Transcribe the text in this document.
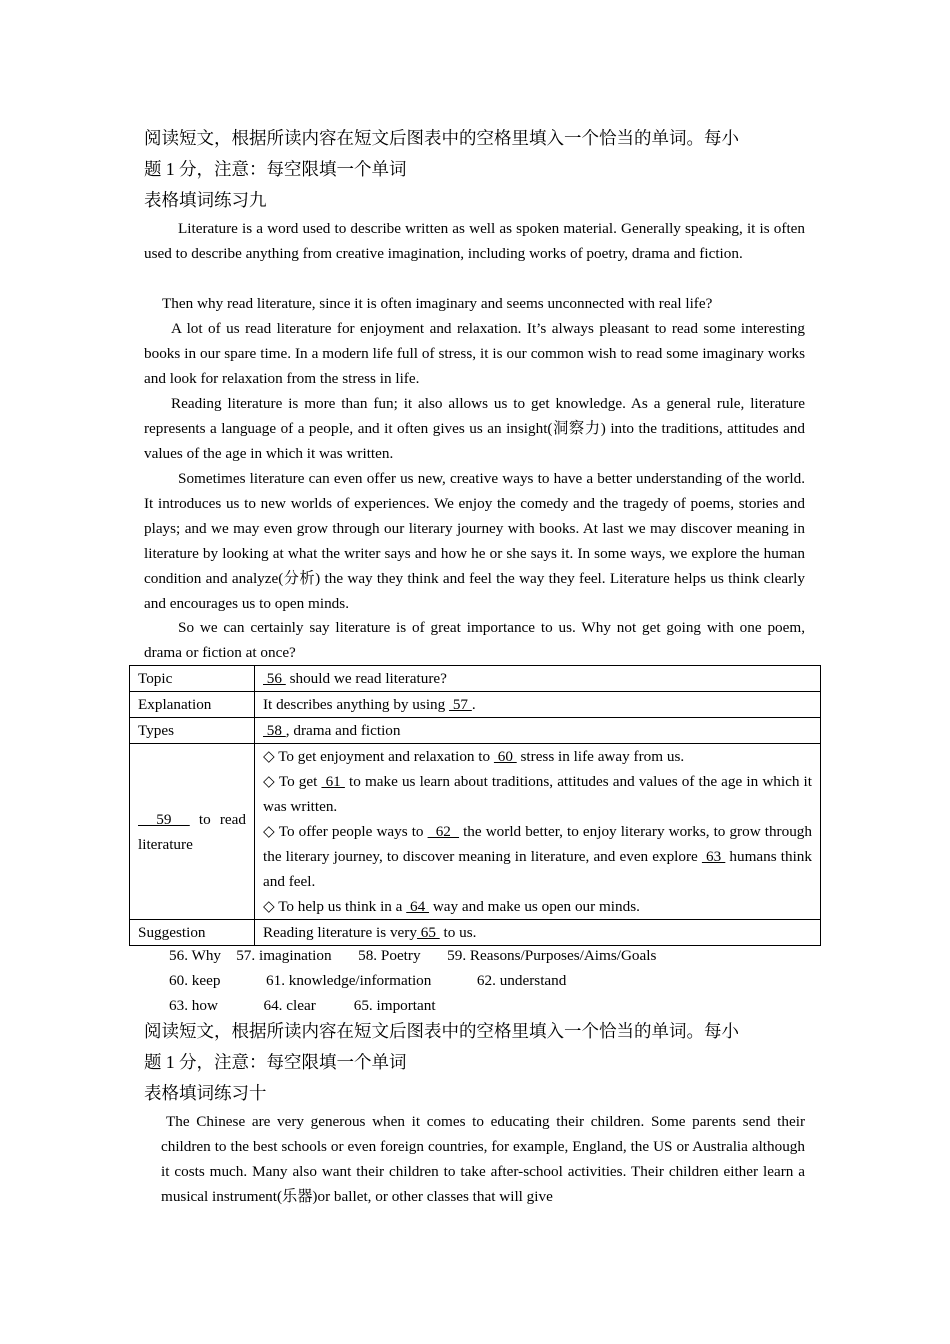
阅读短文，根据所读内容在短文后图表中的空格里填入一个恰当的单词。每小
题 1 分，注意：每空限填一个单词
表格填词练习九
Literature is a word used to describe written as well as spoken material. Generally speaking, it is often used to describe anything from creative imagination, including works of poetry, drama and fiction.
Then why read literature, since it is often imaginary and seems unconnected with real life?
A lot of us read literature for enjoyment and relaxation. It’s always pleasant to read some interesting books in our spare time. In a modern life full of stress, it is our common wish to read some imaginary works and look for relaxation from the stress in life.
Reading literature is more than fun; it also allows us to get knowledge. As a general rule, literature represents a language of a people, and it often gives us an insight(洞察力) into the traditions, attitudes and values of the age in which it was written.
Sometimes literature can even offer us new, creative ways to have a better understanding of the world. It introduces us to new worlds of experiences. We enjoy the comedy and the tragedy of poems, stories and plays; and we may even grow through our literary journey with books. At last we may discover meaning in literature by looking at what the writer says and how he or she says it. In some ways, we explore the human condition and analyze(分析) the way they think and feel the way they feel. Literature helps us think clearly and encourages us to open minds.
So we can certainly say literature is of great importance to us. Why not get going with one poem, drama or fiction at once?
Topic	56  should we read literature?
Explanation	It describes anything by using  57 .
Types	58 , drama and fiction
59   to read literature	◇ To get enjoyment and relaxation to  60  stress in life away from us.
◇ To get  61  to make us learn about traditions, attitudes and values of the age in which it was written.
◇ To offer people ways to   62   the world better, to enjoy literary works, to grow through the literary journey, to discover meaning in literature, and even explore  63  humans think and feel.
◇ To help us think in a  64  way and make us open our minds.

Suggestion	Reading literature is very 65  to us.
56. Why    57. imagination       58. Poetry       59. Reasons/Purposes/Aims/Goals
60. keep            61. knowledge/information            62. understand
63. how            64. clear          65. important
阅读短文，根据所读内容在短文后图表中的空格里填入一个恰当的单词。每小
题 1 分，注意：每空限填一个单词
表格填词练习十
The Chinese are very generous when it comes to educating their children. Some parents send their children to the best schools or even foreign countries, for example, England, the US or Australia although it costs much. Many also want their children to take after-school activities. Their children either learn a musical instrument(乐器)or ballet, or other classes that will give
